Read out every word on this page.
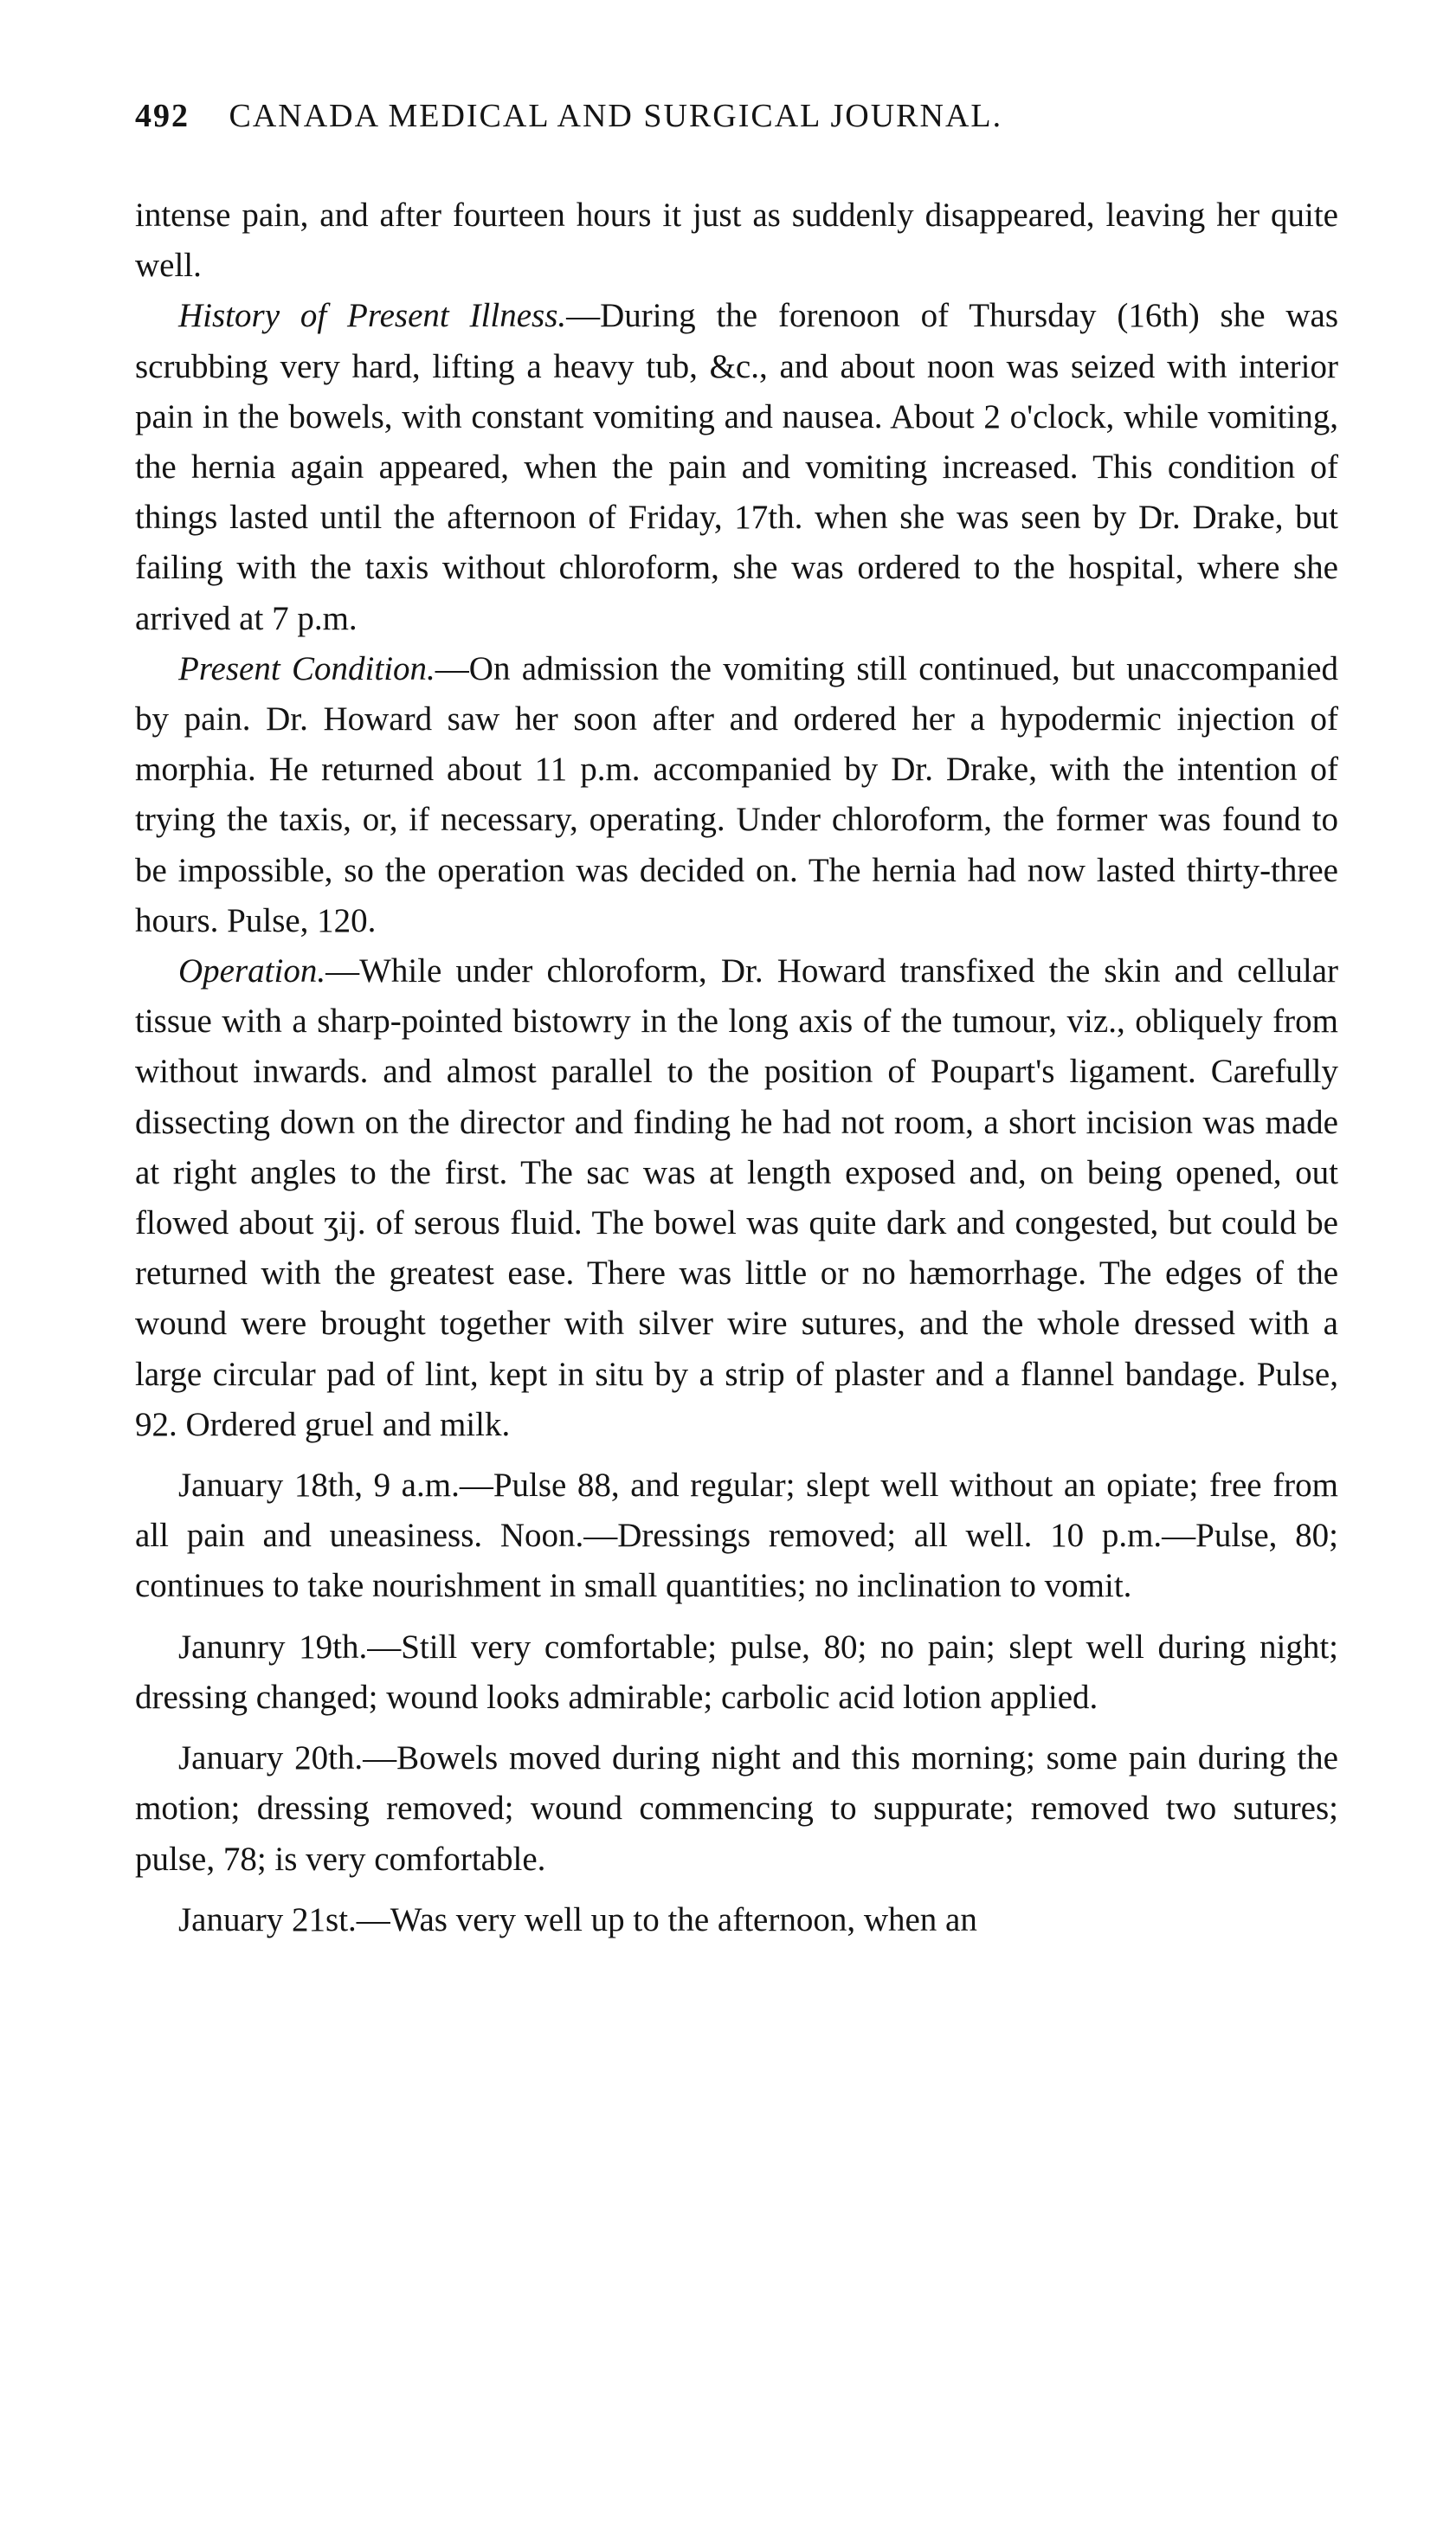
492 CANADA MEDICAL AND SURGICAL JOURNAL.

intense pain, and after fourteen hours it just as suddenly disappeared, leaving her quite well.

History of Present Illness.—During the forenoon of Thursday (16th) she was scrubbing very hard, lifting a heavy tub, &c., and about noon was seized with interior pain in the bowels, with constant vomiting and nausea. About 2 o'clock, while vomiting, the hernia again appeared, when the pain and vomiting increased. This condition of things lasted until the afternoon of Friday, 17th. when she was seen by Dr. Drake, but failing with the taxis without chloroform, she was ordered to the hospital, where she arrived at 7 p.m.

Present Condition.—On admission the vomiting still continued, but unaccompanied by pain. Dr. Howard saw her soon after and ordered her a hypodermic injection of morphia. He returned about 11 p.m. accompanied by Dr. Drake, with the intention of trying the taxis, or, if necessary, operating. Under chloroform, the former was found to be impossible, so the operation was decided on. The hernia had now lasted thirty-three hours. Pulse, 120.

Operation.—While under chloroform, Dr. Howard transfixed the skin and cellular tissue with a sharp-pointed bistowry in the long axis of the tumour, viz., obliquely from without inwards. and almost parallel to the position of Poupart's ligament. Carefully dissecting down on the director and finding he had not room, a short incision was made at right angles to the first. The sac was at length exposed and, on being opened, out flowed about ʒij. of serous fluid. The bowel was quite dark and congested, but could be returned with the greatest ease. There was little or no hæmorrhage. The edges of the wound were brought together with silver wire sutures, and the whole dressed with a large circular pad of lint, kept in situ by a strip of plaster and a flannel bandage. Pulse, 92. Ordered gruel and milk.

January 18th, 9 a.m.—Pulse 88, and regular; slept well without an opiate; free from all pain and uneasiness. Noon.—Dressings removed; all well. 10 p.m.—Pulse, 80; continues to take nourishment in small quantities; no inclination to vomit.

Janunry 19th.—Still very comfortable; pulse, 80; no pain; slept well during night; dressing changed; wound looks admirable; carbolic acid lotion applied.

January 20th.—Bowels moved during night and this morning; some pain during the motion; dressing removed; wound commencing to suppurate; removed two sutures; pulse, 78; is very comfortable.

January 21st.—Was very well up to the afternoon, when an
